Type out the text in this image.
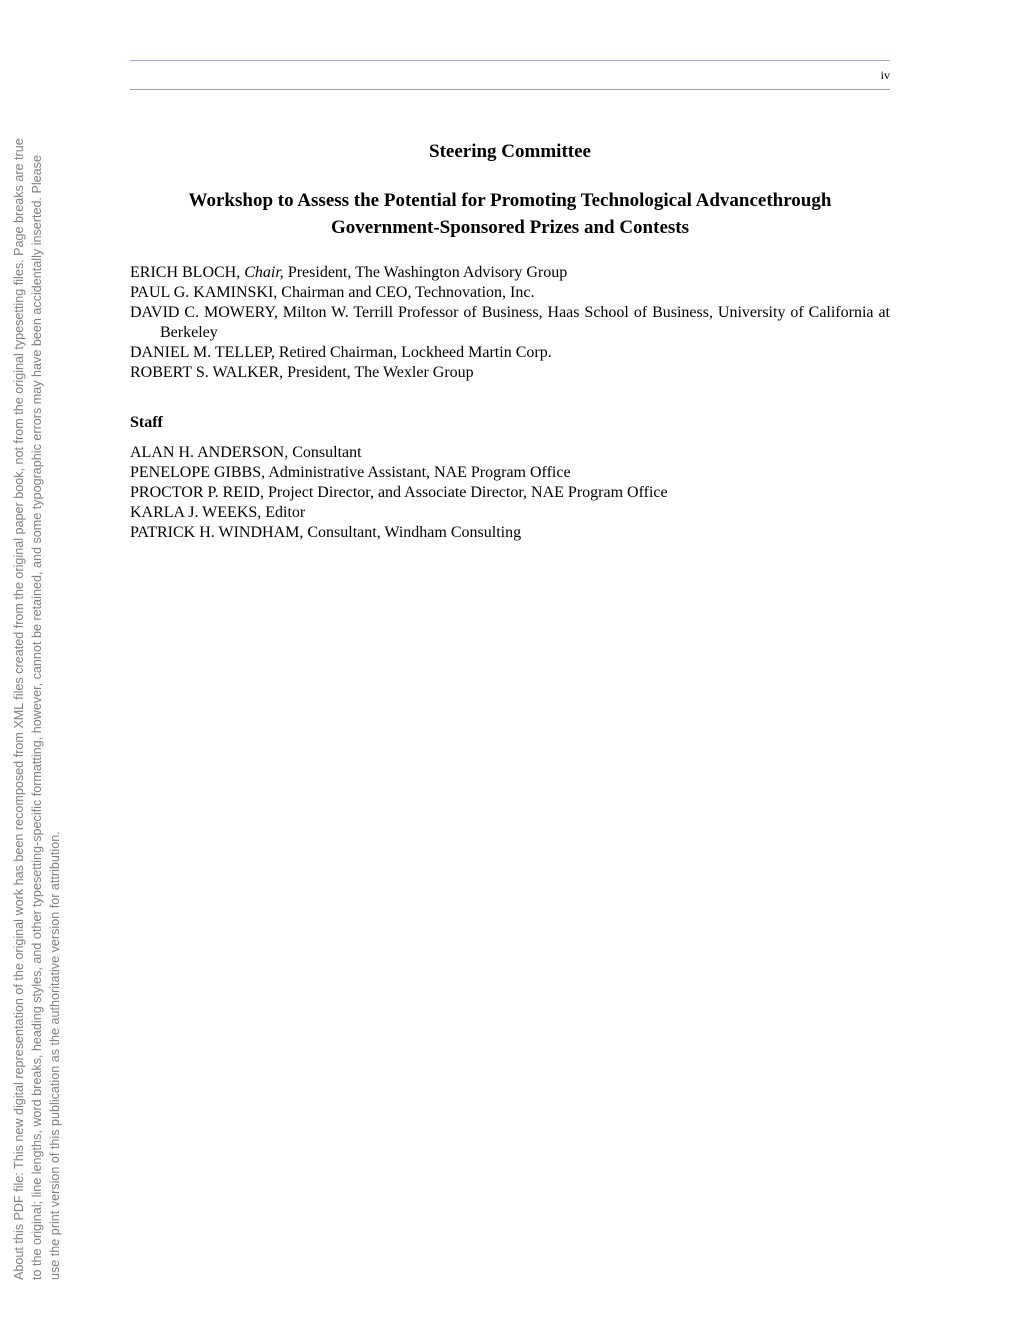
About this PDF file: This new digital representation of the original work has been recomposed from XML files created from the original paper book, not from the original typesetting files. Page breaks are true to the original; line lengths, word breaks, heading styles, and other typesetting-specific formatting, however, cannot be retained, and some typographic errors may have been accidentally inserted. Please use the print version of this publication as the authoritative version for attribution.

iv
Steering Committee
Workshop to Assess the Potential for Promoting Technological Advancethrough
Government-Sponsored Prizes and Contests
ERICH BLOCH, Chair, President, The Washington Advisory Group
PAUL G. KAMINSKI, Chairman and CEO, Technovation, Inc.
DAVID C. MOWERY, Milton W. Terrill Professor of Business, Haas School of Business, University of California at Berkeley
DANIEL M. TELLEP, Retired Chairman, Lockheed Martin Corp.
ROBERT S. WALKER, President, The Wexler Group
Staff
ALAN H. ANDERSON, Consultant
PENELOPE GIBBS, Administrative Assistant, NAE Program Office
PROCTOR P. REID, Project Director, and Associate Director, NAE Program Office
KARLA J. WEEKS, Editor
PATRICK H. WINDHAM, Consultant, Windham Consulting
